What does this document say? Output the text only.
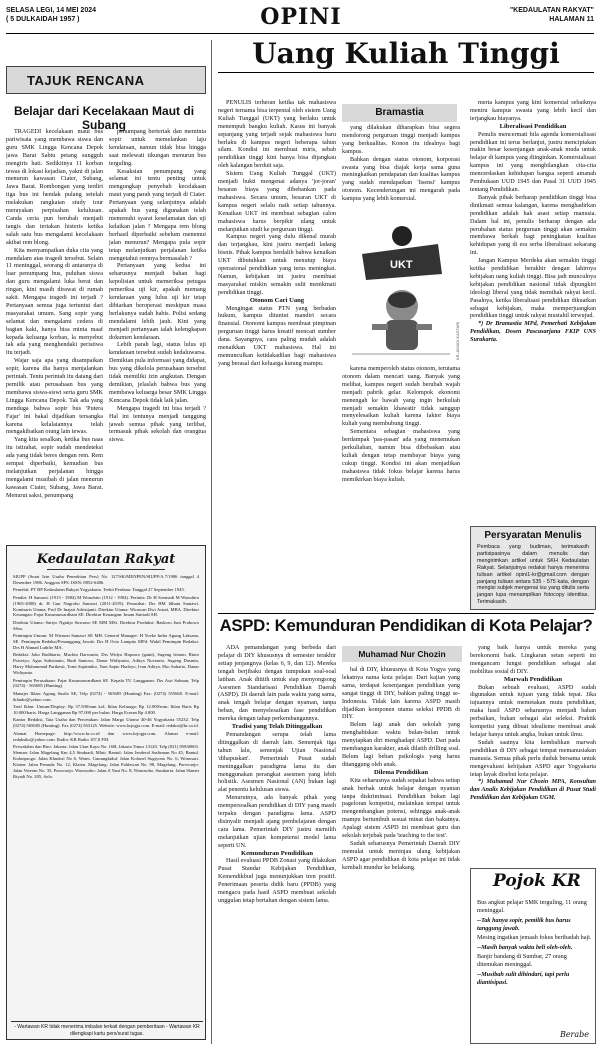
SELASA LEGI, 14 MEI 2024
( 5 DULKAIDAH 1957 )	OPINI	"KEDAULATAN RAKYAT"
HALAMAN 11
TAJUK RENCANA
Belajar dari Kecelakaan Maut di Subang

TRAGEDI kecelakaan maut bus pariwisata yang membawa siswa dan guru SMK Lingga Kencana Depok jawa Barat Sabtu petang sungguh mengiris hati. Sedikitnya 11 korban tewas di lokasi kejadian, yakni di jalan menurun kawasan Ciater, Subang, Jawa Barat. Rombongan yang terdiri tiga bus ini hendak pulang setelah melakukan rangkaian study tour merayakan perpisahan kelulusan. Canda ceria pun berubah menjadi tangis dan teriakan histeris ketika salah satu bus mengalami kecelakaan akibat rem blong.

Kita menyampaikan duka cita yang mendalam atas tragedi tersebut. Selain 11 meninggal, seorang di antaranya di luar penumpang bus, puluhan siswa dan guru mengalami luka berat dan ringan, kini masih dirawat di rumah sakit. Mengapa tragedi ini terjadi ? Pertanyaan semua juga tertuntut dari masyarakat umum. Sang sopir yang selamat dan mengalami cedera di bagian kaki, hanya bisa minta maaf kepada keluarga korban, la menyebut tak ada yang menghendaki peristiwa itu terjadi.

Wajar saja apa yang disampaikan sopir, karena dia hanya menjalankan perintah. Tentu perintah itu datang dari pemilik atau perusahaan bus yang membawa siswa-siswi serta guru SMK Lingga Kencana Depok. Tak ada yang menduga bahwa sopir bus 'Putera Fajar' ini bakal dijadikan tersangka karena kelalaiannya telah mengakibatkan orang lain tewas.

Yang kita sesalkan, ketika bus naas itu istirahat, sopir sudah mendeteksi ada yang tidak beres dengan rem. Rem sempat diperbaiki, kemudian bus melanjutkan perjalanan hingga mengalami musibah di jalan menurun kawasan Ciater, Subang, Jawa Barat. Menurut saksi, penumpang

penumpang berteriak dan meminta sopir untuk memelankan laju kendaraan, namun tidak bisa hingga saat melewati tikungan menurun bus terguling.

Kesaksian penumpang yang selamat ini tentu penting untuk mengungkap penyebab kecelakaan maut yang parah yang terjadi di Ciater. Pertanyaan yang selanjutnya adalah apakah bus yang digunakan telah memenuhi syarat keselamatan dan uji kelaikan jalan ? Mengapa rem blong berhasil diperbaiki sebelum menemui jalan menurun? Mengapa pula sopir tetap melanjutkan perjalanan ketika mengetahui remnya bermasalah ?

Pertanyaan yang kedua ini seharusnya menjadi bahan bagi kepolisian untuk memeriksa petugas pemeriksa uji kir, apakah memang kendaraan yang lulus uji kir tetap dibiarkan beroperasi meskipun masa berlakunya sudah habis. Polisi sedang mendalami lebih jauh. Kini yang menjadi pertanyaan ialah kelengkapan dokumen kendaraan.

Lebih parah lagi, status lulus uji kendaraan tersebut sudah kedaluwarsa. Demikian pula informasi yang didapat, bus yang dikelola perusahaan tersebut tidak memiliki izin angkutan. Dengan demikian, jelaslah bahwa bus yang membawa keluarga besar SMK Lingga Kencana Depok tidak laik jalan.

Mengapa tragedi ini bisa terjadi ? Hal ini tentunya menjadi tanggung jawab semua pihak yang terlibat, termasuk pihak sekolah dan orangtua siswa.

Kedaulatan Rakyat

SIUPP (Surat Izin Usaha Penerbitan Pers) No. 127/SK/MENPEN/SIUPP/A.7/1986 tanggal 4 Desember 1986. Anggota SPS. ISSN: 0852-6486.

Penerbit: PT BP Kedaulatan Rakyat Yogyakarta. Terbit Perdana: Tanggal 27 September 1945.

Pendiri: H Samawi (1913 - 1984) M Wonohito (1912 - 1984). Perintis: Dr H Soemadi M Wonohito (1965-2008) dr. H Gun Nugroho Samawi (2011-2019). Penasihat: Drs HM Idham Samawi. Komisaris Utama: Prof Dr Inajati Adrisijanti. Direktur Utama: Wirawan Dwi Astuti, MBA. Direktur Keuangan: Fajar Kusumawardhani SE. Direktur Keuangan: Imam Satriadi SH.

Direktur Utama: Sutiyo Ngatijo Suwarso SE MM MSi. Direktur Produksi: Baskoro Juni Prabowo SSos.

Pemimpin Umum: M Wirmon Samawi SE MH. General Manager: H Yoeke Indra Agung Laksana, SE. Pemimpin Redaksi/Penanggung Jawab: Drs H Octo Lampito MPd. Wakil Pemimpin Redaksi: Drs H Ahmad Luthfie MA.

Redaksi: Joko Budhiarto, Muchin Darwanto, Drs Widyo Hapsoro (ganti), Sugeng Irianto, Rinto Prasetyo, Agus Sulistianto, Budi Santoso, Danar Widiyanto, Aditya Novianto, Sugeng Dasmin, Harry Muhammad Parikesit, Tomi Sujatmiko, Yani Sapto Hudoyo, Ivan Aditya, Eko Suharto, Danar Widiyanto.

Pemimpin Perusahaan: Fajar Kusumawardhani SE. Kepala TU Langganan: Drs Asri Salman, Telp (0274) - 565685 (Hunting).

Manajer Iklan: Agung Susilo SE, Telp (0274) - 565685 (Hunting) Fax: (0274) 555660. E-mail: iklankr@yahoo.com.

Tarif Iklan: Umum/Display: Rp 37.500/mm kol; Iklan Keluarga: Rp 12.000/mm; Iklan Baris Rp 10.000/baris. Harga Langganan Rp 97.000 per bulan. Harga Eceran Rp 4.000.

Kantor Redaksi, Tata Usaha dan Percetakan: Jalan Margo Utomo 40-46 Yogyakarta 55232. Telp (0274) 565685 (Hunting). Fax (0274) 563125. Website: www.krjogja.com. E-mail: redaksi@kr.co.id.

Alamat Homepage: http://www.kr.co.id dan www.krjogja.com. Alamat e-mail: redaksikr@yahoo.com. Radio: KR Radio 107,8 FM.

Perwakilan dan Biro: Jakarta: Jalan Utan Kayu No. 16B, Jakarta Timur 13120, Telp (021) 85838603. Sleman: Jalan Magelang Km 4,5 Sinduadi, Mlati. Bantul: Jalan Jenderal Sudirman No 45, Bantul. Kulonprogo: Jalan Khudori No 6, Wates. Gunungkidul: Jalan Kolonel Sugiyono No. 6, Wonosari. Klaten: Jalan Pemuda No. 12, Klaten. Magelang: Jalan Pahlawan No. 98, Magelang. Purworejo: Jalan Veteran No. 35, Purworejo. Wonosobo: Jalan A Yani No. 8, Wonosobo. Surakarta: Jalan Slamet Riyadi No. 205, Solo.

- Wartawan KR tidak menerima imbalan terkait dengan pemberitaan - Wartawan KR dilengkapi kartu pers/surat tugas.
Uang Kuliah Tinggi

PENULIS terheran ketika tak mahasiswa negeri ternama bisa terpental oleh sistem Uang Kuliah Tunggal (UKT) yang berlaku untuk menempuh bangku kuliah. Kasus ini banyak sepanjang yang terjadi sejak mahasiswa baru berlaku di kampus negeri beberapa tahun silam. Kondisi ini membuat miris, sebab pendidikan tinggi kini hanya bisa dijangkau oleh kalangan berduit saja.

Sistem Uang Kuliah Tunggal (UKT) menjadi bukti mengenai adanya 'jor-joran' besaran biaya yang dibebankan pada mahasiswa. Secara umum, besaran UKT di kampus negeri selalu naik setiap tahunnya. Kenaikan UKT ini membuat sebagian calon mahasiswa harus berpikir ulang untuk melanjutkan studi ke perguruan tinggi.

Kampus negeri yang dulu dikenal murah dan terjangkau, kini justru menjadi ladang bisnis. Pihak kampus berdalih bahwa kenaikan UKT dibutuhkan untuk menutup biaya operasional pendidikan yang terus meningkat. Namun, kebijakan ini justru membuat masyarakat miskin semakin sulit menikmati pendidikan tinggi.

Otonom Cari Uang

Mengingat status PTN yang berbadan hukum, kampus dituntut mandiri secara finansial. Otonomi kampus membuat pimpinan perguruan tinggi harus kreatif mencari sumber dana. Sayangnya, cara paling mudah adalah menaikkan UKT mahasiswa. Hal ini memunculkan ketidakadilan bagi mahasiswa yang berasal dari keluarga kurang mampu.

Bramastia

yang dilakukan diharapkan bisa segera mendorong perguruan tinggi menjadi kampus yang berkualitas. Konon itu idealnya bagi kampus.

Bahkan dengan status otonom, korporasi swasta yang bisa diajak kerja sama guna meningkatkan pendapatan dan kualitas kampus yang sudah mendapatkan 'lisensi' kampus otonom. Kecenderungan ini mengarah pada kampus yang lebih komersial.

UKT
KR-JAYADI KASTARI

karena memperoleh status otonom, terutama otonom dalam mencari uang. Banyak yang melihat, kampus negeri sudah berubah wajah menjadi pabrik gelar. Kelompok ekonomi menengah ke bawah yang ingin berkuliah menjadi semakin khawatir tidak sanggup menyelesaikan kuliah karena faktor biaya kuliah yang membubung tinggi.

Sementara sebagian mahasiswa yang berdampak 'pas-pasan' ada yang menemukan perkuliahan, namun bisa dibebaskan atau kuliah dengan tetap membayar biaya yang cukup tinggi. Kondisi ini akan menjadikan mahasiswa tidak fokus belajar karena harus memikirkan biaya kuliah.

merta kampus yang kini komersial sebaiknya meniru kampus swasta yang lebih kecil dan terjangkau biayanya.

Liberalisasi Pendidikan

Penulis mencermati bila agenda komersialisasi pendidikan ini terus berlanjut, justru menciptakan makin besar kesenjangan anak-anak muda untuk belajar di kampus yang diinginkan. Komersialisasi kampus ini yang menghilangkan cita-cita mencerdaskan kehidupan bangsa seperti amanah Pembukaan UUD 1945 dan Pasal 31 UUD 1945 tentang Pendidikan.

Banyak pihak berharap pendidikan tinggi bisa dinikmati semua kalangan, karena menghadirkan pendidikan adalah hak asasi setiap manusia. Dalam hal ini, penulis berharap dengan ada perubahan status perguruan tinggi akan semakin membawa berkah bagi peningkatan kualitas kehidupan yang di era serba liberalisasi sekarang ini.

Jangan Kampus Merdeka akan semakin tinggi ketika pendidikan berakhir dengan lahirnya kebijakan uang kuliah tinggi. Bisa jadi munculnya kebijakan pendidikan nasional tidak dipungkiri ideologi liberal yang tidak memihak rakyat kecil. Pasalnya, ketika liberalisasi pendidikan dikuatkan sebagai kebijakan, maka memperjuangkan pendidikan tinggi untuk rakyat mustahil terwujud.

*) Dr Bramastia MPd, Pemerhati Kebijakan Pendidikan, Dosen Pascasarjana FKIP UNS Surakarta.

Persyaratan Menulis
Pembaca yang budiman, terimakasih partisipasinya dalam menulis dan mengirimkan artikel untuk SKH Kedaulatan Rakyat. Selanjutnya redaksi hanya menerima tulisan artikel opini1-kr@gmail.com dengan panjang tulisan antara 535 - 575 kata, dengan mengisi subjek mengenai isu yang ditulis serta jangan lupa menampilkan fotocopy identitas. Terimakasih.
ASPD: Kemunduran Pendidikan di Kota Pelajar?

ADA pemandangan yang berbeda dari pelajar di DIY khususnya di semester terakhir setiap jenjangnya (kelas 6, 9, dan 12). Mereka tengah berjibaku dengan tumpukan soal-soal latihan. Anak dititih untuk siap menyongsong Asesmen Standarisasi Pendidikan Daerah (ASPD). Di daerah lain pada waktu yang sama, anak tengah belajar dengan nyaman, tanpa beban, dan menyelesaikan fase pendidikan mereka dengan tahap perkembangannya.

Tradisi yang Telah Ditinggalkan

Pemandangan serupa telah lama ditinggalkan di daerah lain. Semenjak tiga tahun lalu, semenjak Ujian Nasional 'dihapuskan'. Pemerintah Pusat sudah meninggalkan paradigma lama itu dan menggunakan perangkat asesmen yang lebih holistik. Asesmen Nasional (AN) bukan lagi alat penentu kelulusan siswa.

Menurutnya, ada banyak pihak yang mempersoalkan pendidikan di DIY yang masih terpaku dengan paradigma lama. ASPD disinyalir menjadi ajang pembelajaran dengan cara lama. Pemerintah DIY justru memilih melanjutkan ujian kompetensi model lama seperti UN.

Kemunduran Pendidikan

Hasil evaluasi PPDB Zonasi yang dilakukan Pusat Standar Kebijakan Pendidikan, Kemendikbud juga menunjukkan tren positif. Penerimaan peserta didik baru (PPDB) yang mengacu pada hasil ASPD membuat sekolah unggulan tetap bertahan dengan sistem lama.

Muhamad Nur Chozin

hal di DIY, khususnya di Kota Yogya yang lekatnya nama kota pelajar. Dari kajian yang sama, terdapat kesenjangan pendidikan yang sangat tinggi di DIY, bahkan paling tinggi se-Indonesia. Tidak lain karena ASPD masih dijadikan komponen utama seleksi PPDB di DIY.

Belum lagi anak dan sekolah yang menghabiskan waktu bulan-bulan untuk menyiapkan diri menghadapi ASPD. Dari pada membangun karakter, anak dilatih drilling soal. Belum lagi beban psikologis yang harus ditanggung oleh anak.

Dilema Pendidikan

Kita seharusnya sudah sepakat bahwa setiap anak berhak untuk belajar dengan nyaman tanpa diskriminasi. Pendidikan bukan lagi pageloran kompetisi, melainkan tempat untuk mengembangkan potensi, sehingga anak-anak mampu bertumbuh sesuai minat dan bakatnya. Apalagi sistem ASPD ini membuat guru dan sekolah terjebak pada 'teaching to the test'.

Sudah seharusnya Pemerintah Daerah DIY memulai untuk meninjau ulang kebijakan ASPD agar pendidikan di kota pelajar ini tidak kembali mundur ke belakang.

yang baik hanya untuk mereka yang berekonomi baik. Lingkaran setan seperti ini mengancam fungsi pendidikan sebagai alat mobilitas sosial di DIY.

Marwah Pendidikan

Bukan sebuah evaluasi, ASPD sudah digunakan untuk tujuan yang tidak tepat. Jika tujuannya untuk memetakan mutu pendidikan, maka hasil ASPD seharusnya menjadi bahan perbaikan, bukan sebagai alat seleksi. Praktik kompetisi yang dibuat idealisme membuat anak belajar hanya untuk angka, bukan untuk ilmu.

Sudah saatnya kita kembalikan marwah pendidikan di DIY sebagai tempat memanusiakan manusia. Semua pihak perlu duduk bersama untuk mengevaluasi kebijakan ASPD agar Yogyakarta tetap layak disebut kota pelajar.

*) Muhamad Nur Chozin MPA, Konsultan dan Analis Kebijakan Pendidikan di Pusat Studi Pendidikan dan Kebijakan UGM.

Pojok KR

Bus angkut pelajar SMK terguling, 11 orang meninggal.

--Tak hanya sopir, pemilik bus harus tanggung jawab.

Mesing ingatkan jemaah fokus beribadah haji.

--Masih banyak waktu beli oleh-oleh.

Banjir bandang di Sumbar, 27 orang ditemukan meninggal.

--Musibah sulit dihindari, tapi perlu diantisipasi.

Berabe
